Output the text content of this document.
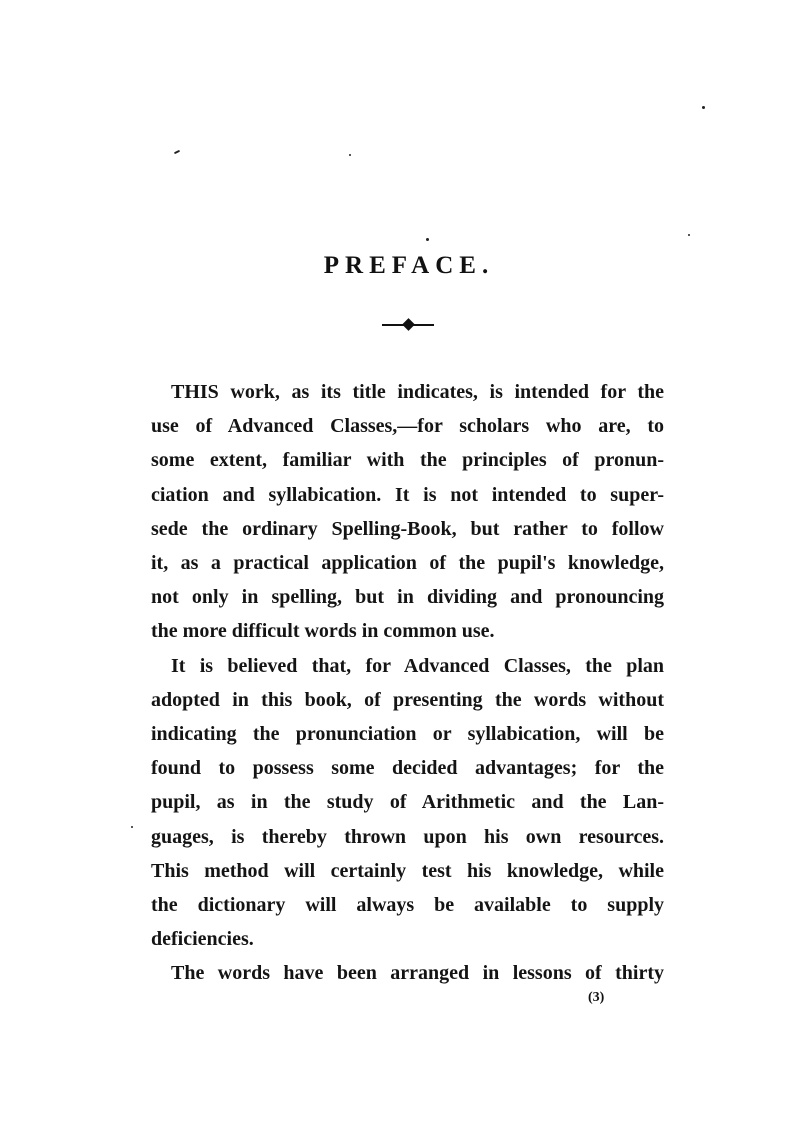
PREFACE.

THIS work, as its title indicates, is intended for the
use of Advanced Classes,—for scholars who are, to
some extent, familiar with the principles of pronun-
ciation and syllabication. It is not intended to super-
sede the ordinary Spelling-Book, but rather to follow
it, as a practical application of the pupil's knowledge,
not only in spelling, but in dividing and pronouncing
the more difficult words in common use.

It is believed that, for Advanced Classes, the plan
adopted in this book, of presenting the words without
indicating the pronunciation or syllabication, will be
found to possess some decided advantages; for the
pupil, as in the study of Arithmetic and the Lan-
guages, is thereby thrown upon his own resources.
This method will certainly test his knowledge, while
the dictionary will always be available to supply
deficiencies.

The words have been arranged in lessons of thirty

(3)
